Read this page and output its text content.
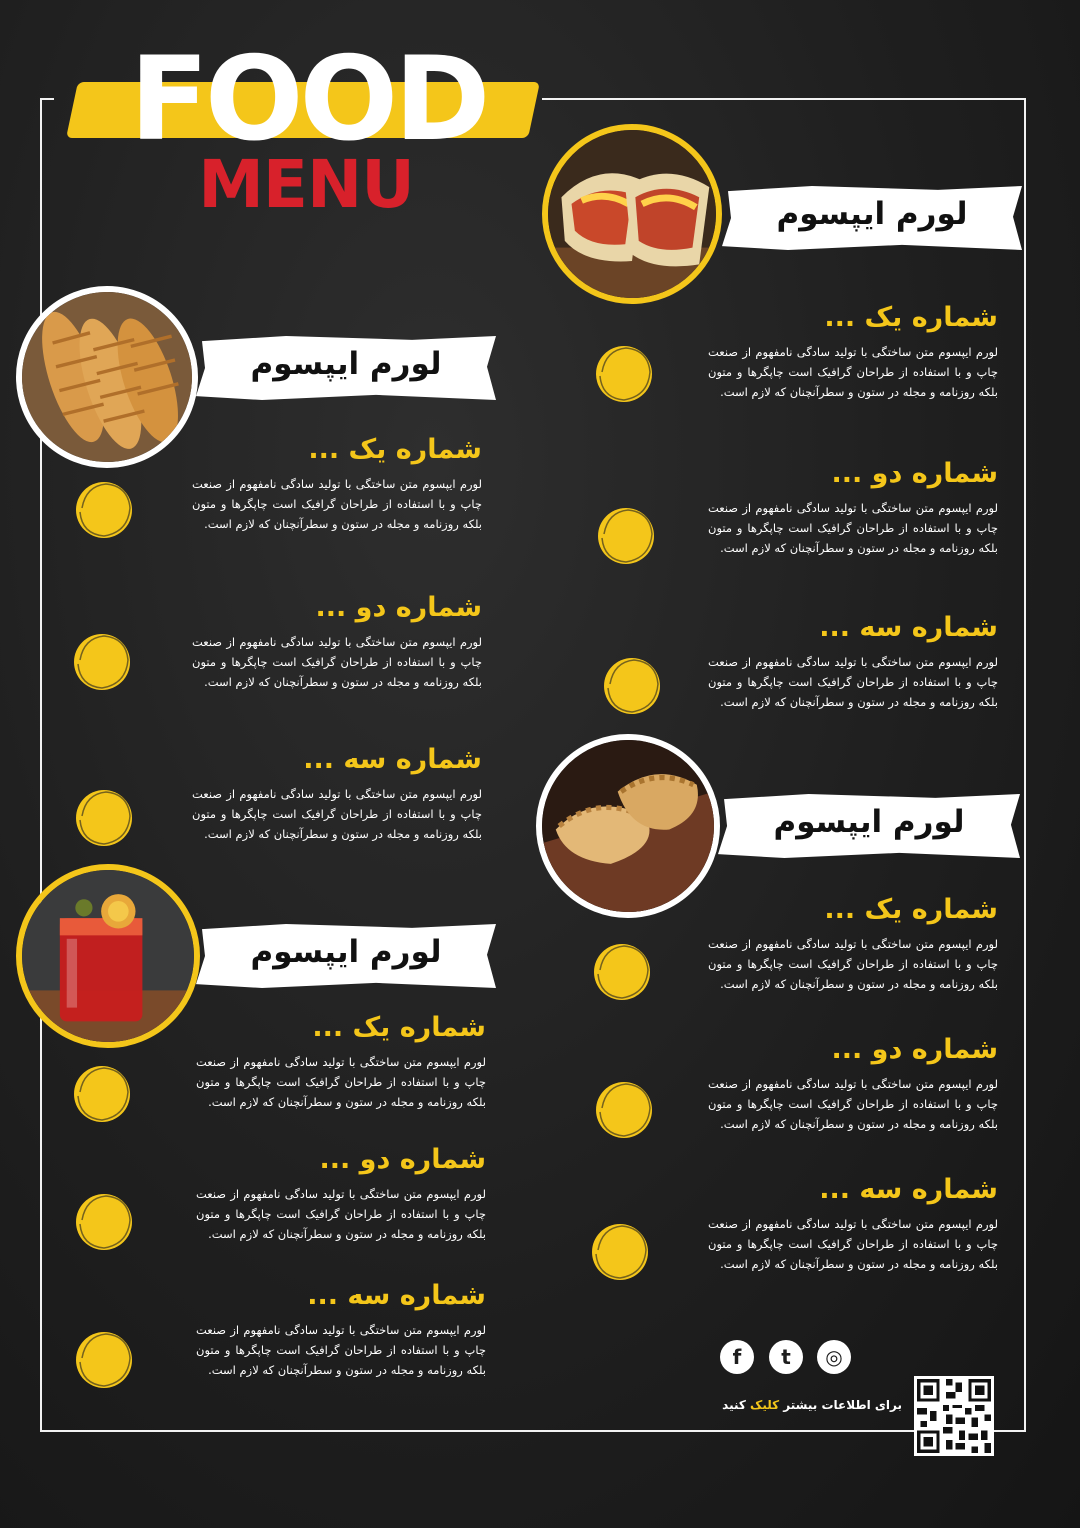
FOOD
MENU	لورم ایپسوم
شماره یک ...
لورم ایپسوم متن ساختگی با تولید سادگی نامفهوم از صنعت چاپ و با استفاده از طراحان گرافیک است چاپگرها و متون بلکه روزنامه و مجله در ستون و سطرآنچنان که لازم است.
شماره دو ...
لورم ایپسوم متن ساختگی با تولید سادگی نامفهوم از صنعت چاپ و با استفاده از طراحان گرافیک است چاپگرها و متون بلکه روزنامه و مجله در ستون و سطرآنچنان که لازم است.
شماره سه ...
لورم ایپسوم متن ساختگی با تولید سادگی نامفهوم از صنعت چاپ و با استفاده از طراحان گرافیک است چاپگرها و متون بلکه روزنامه و مجله در ستون و سطرآنچنان که لازم است.
لورم ایپسوم
شماره یک ...
لورم ایپسوم متن ساختگی با تولید سادگی نامفهوم از صنعت چاپ و با استفاده از طراحان گرافیک است چاپگرها و متون بلکه روزنامه و مجله در ستون و سطرآنچنان که لازم است.
شماره دو ...
لورم ایپسوم متن ساختگی با تولید سادگی نامفهوم از صنعت چاپ و با استفاده از طراحان گرافیک است چاپگرها و متون بلکه روزنامه و مجله در ستون و سطرآنچنان که لازم است.
شماره سه ...
لورم ایپسوم متن ساختگی با تولید سادگی نامفهوم از صنعت چاپ و با استفاده از طراحان گرافیک است چاپگرها و متون بلکه روزنامه و مجله در ستون و سطرآنچنان که لازم است.	لورم ایپسوم
شماره یک ...
لورم ایپسوم متن ساختگی با تولید سادگی نامفهوم از صنعت چاپ و با استفاده از طراحان گرافیک است چاپگرها و متون بلکه روزنامه و مجله در ستون و سطرآنچنان که لازم است.
شماره دو ...
لورم ایپسوم متن ساختگی با تولید سادگی نامفهوم از صنعت چاپ و با استفاده از طراحان گرافیک است چاپگرها و متون بلکه روزنامه و مجله در ستون و سطرآنچنان که لازم است.
شماره سه ...
لورم ایپسوم متن ساختگی با تولید سادگی نامفهوم از صنعت چاپ و با استفاده از طراحان گرافیک است چاپگرها و متون بلکه روزنامه و مجله در ستون و سطرآنچنان که لازم است.
لورم ایپسوم
شماره یک ...
لورم ایپسوم متن ساختگی با تولید سادگی نامفهوم از صنعت چاپ و با استفاده از طراحان گرافیک است چاپگرها و متون بلکه روزنامه و مجله در ستون و سطرآنچنان که لازم است.
شماره دو ...
لورم ایپسوم متن ساختگی با تولید سادگی نامفهوم از صنعت چاپ و با استفاده از طراحان گرافیک است چاپگرها و متون بلکه روزنامه و مجله در ستون و سطرآنچنان که لازم است.
شماره سه ...
لورم ایپسوم متن ساختگی با تولید سادگی نامفهوم از صنعت چاپ و با استفاده از طراحان گرافیک است چاپگرها و متون بلکه روزنامه و مجله در ستون و سطرآنچنان که لازم است.
f	t	◎
برای اطلاعات بیشتر کلیک کنید
